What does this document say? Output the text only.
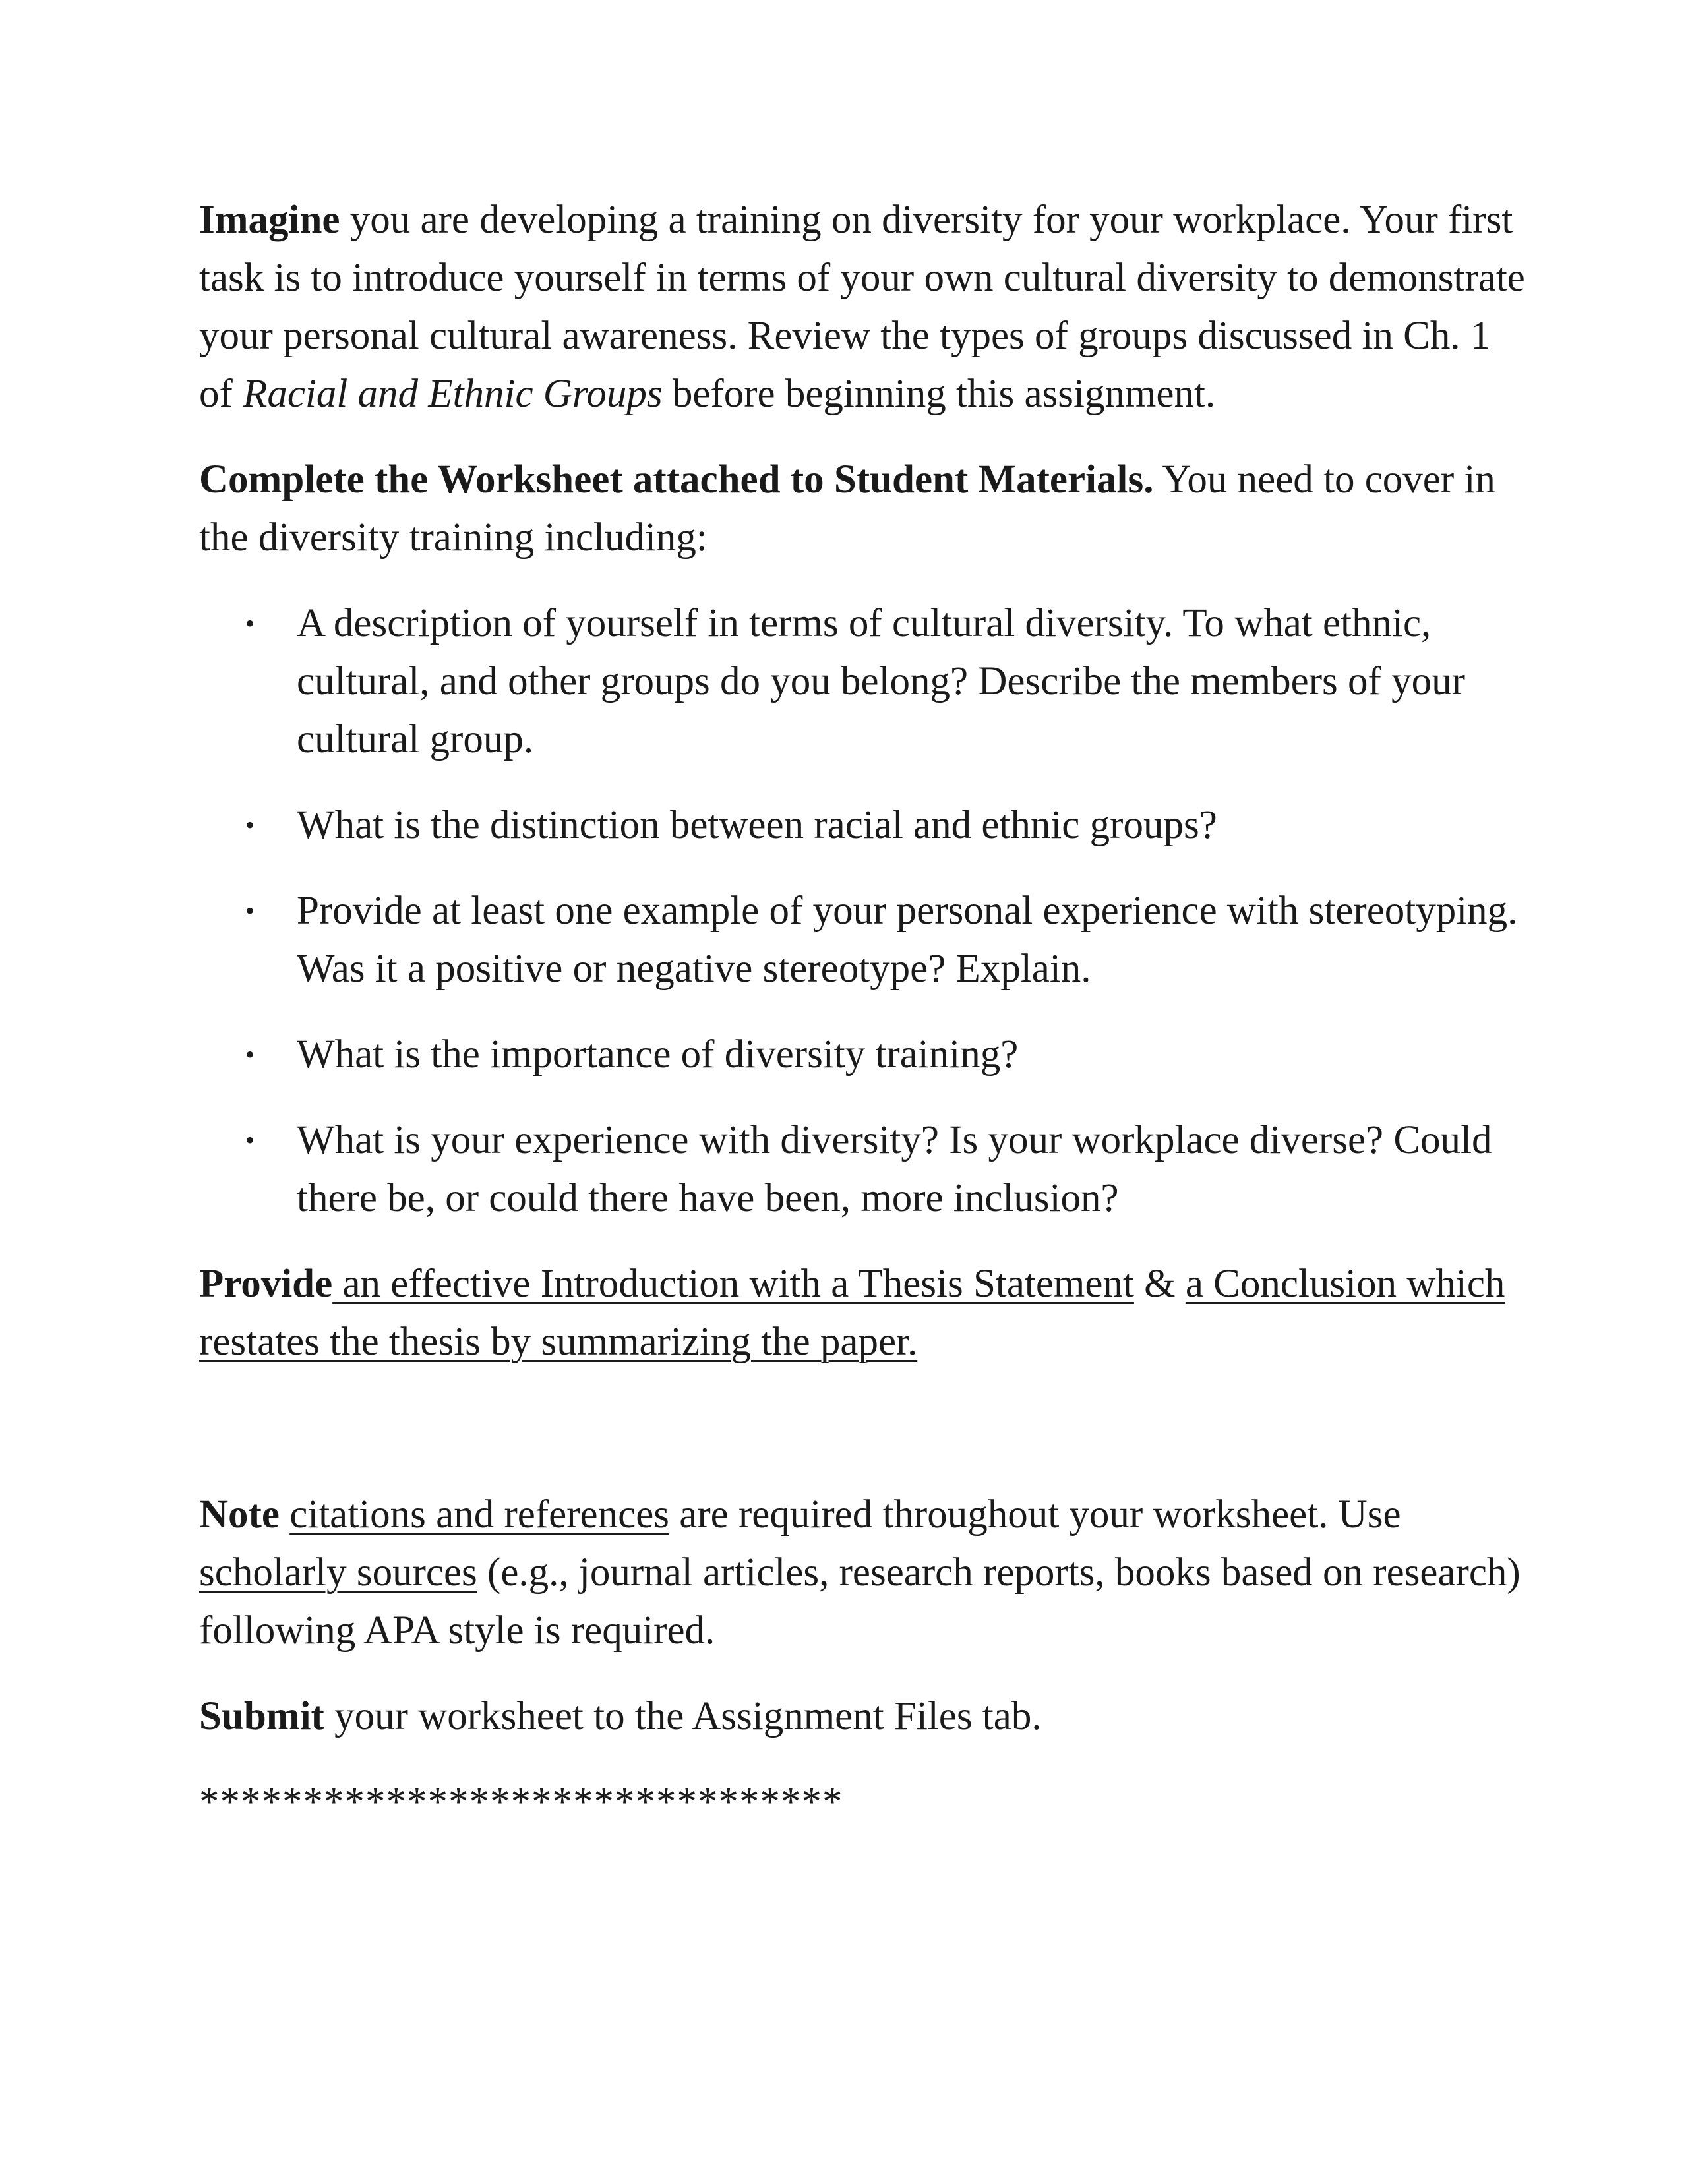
Imagine you are developing a training on diversity for your workplace. Your first task is to introduce yourself in terms of your own cultural diversity to demonstrate your personal cultural awareness. Review the types of groups discussed in Ch. 1 of Racial and Ethnic Groups before beginning this assignment.

Complete the Worksheet attached to Student Materials. You need to cover in the diversity training including:

• A description of yourself in terms of cultural diversity. To what ethnic, cultural, and other groups do you belong? Describe the members of your cultural group.
• What is the distinction between racial and ethnic groups?
• Provide at least one example of your personal experience with stereotyping. Was it a positive or negative stereotype? Explain.
• What is the importance of diversity training?
• What is your experience with diversity? Is your workplace diverse? Could there be, or could there have been, more inclusion?

Provide an effective Introduction with a Thesis Statement & a Conclusion which restates the thesis by summarizing the paper.

Note citations and references are required throughout your worksheet. Use scholarly sources (e.g., journal articles, research reports, books based on research) following APA style is required.

Submit your worksheet to the Assignment Files tab.

*******************************
